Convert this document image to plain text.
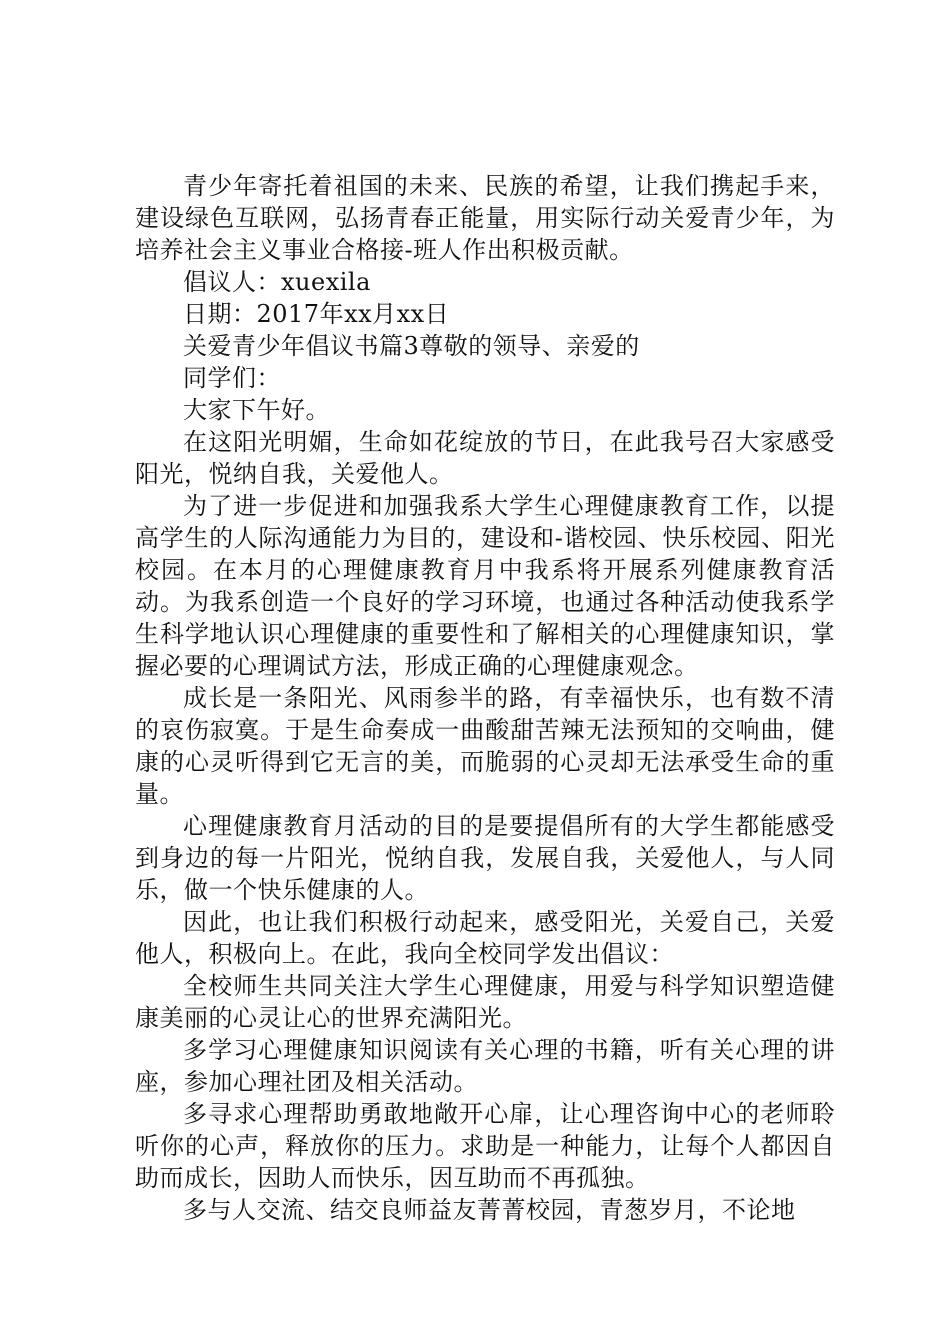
青少年寄托着祖国的未来、民族的希望，让我们携起手来，建设绿色互联网，弘扬青春正能量，用实际行动关爱青少年，为培养社会主义事业合格接-班人作出积极贡献。

倡议人：xuexila

日期：2017年xx月xx日

关爱青少年倡议书篇3尊敬的领导、亲爱的

同学们：

大家下午好。

在这阳光明媚，生命如花绽放的节日，在此我号召大家感受阳光，悦纳自我，关爱他人。

为了进一步促进和加强我系大学生心理健康教育工作，以提高学生的人际沟通能力为目的，建设和-谐校园、快乐校园、阳光校园。在本月的心理健康教育月中我系将开展系列健康教育活动。为我系创造一个良好的学习环境，也通过各种活动使我系学生科学地认识心理健康的重要性和了解相关的心理健康知识，掌握必要的心理调试方法，形成正确的心理健康观念。

成长是一条阳光、风雨参半的路，有幸福快乐，也有数不清的哀伤寂寞。于是生命奏成一曲酸甜苦辣无法预知的交响曲，健康的心灵听得到它无言的美，而脆弱的心灵却无法承受生命的重量。

心理健康教育月活动的目的是要提倡所有的大学生都能感受到身边的每一片阳光，悦纳自我，发展自我，关爱他人，与人同乐，做一个快乐健康的人。

因此，也让我们积极行动起来，感受阳光，关爱自己，关爱他人，积极向上。在此，我向全校同学发出倡议：

全校师生共同关注大学生心理健康，用爱与科学知识塑造健康美丽的心灵让心的世界充满阳光。

多学习心理健康知识阅读有关心理的书籍，听有关心理的讲座，参加心理社团及相关活动。

多寻求心理帮助勇敢地敞开心扉，让心理咨询中心的老师聆听你的心声，释放你的压力。求助是一种能力，让每个人都因自助而成长，因助人而快乐，因互助而不再孤独。

多与人交流、结交良师益友菁菁校园，青葱岁月，不论地
